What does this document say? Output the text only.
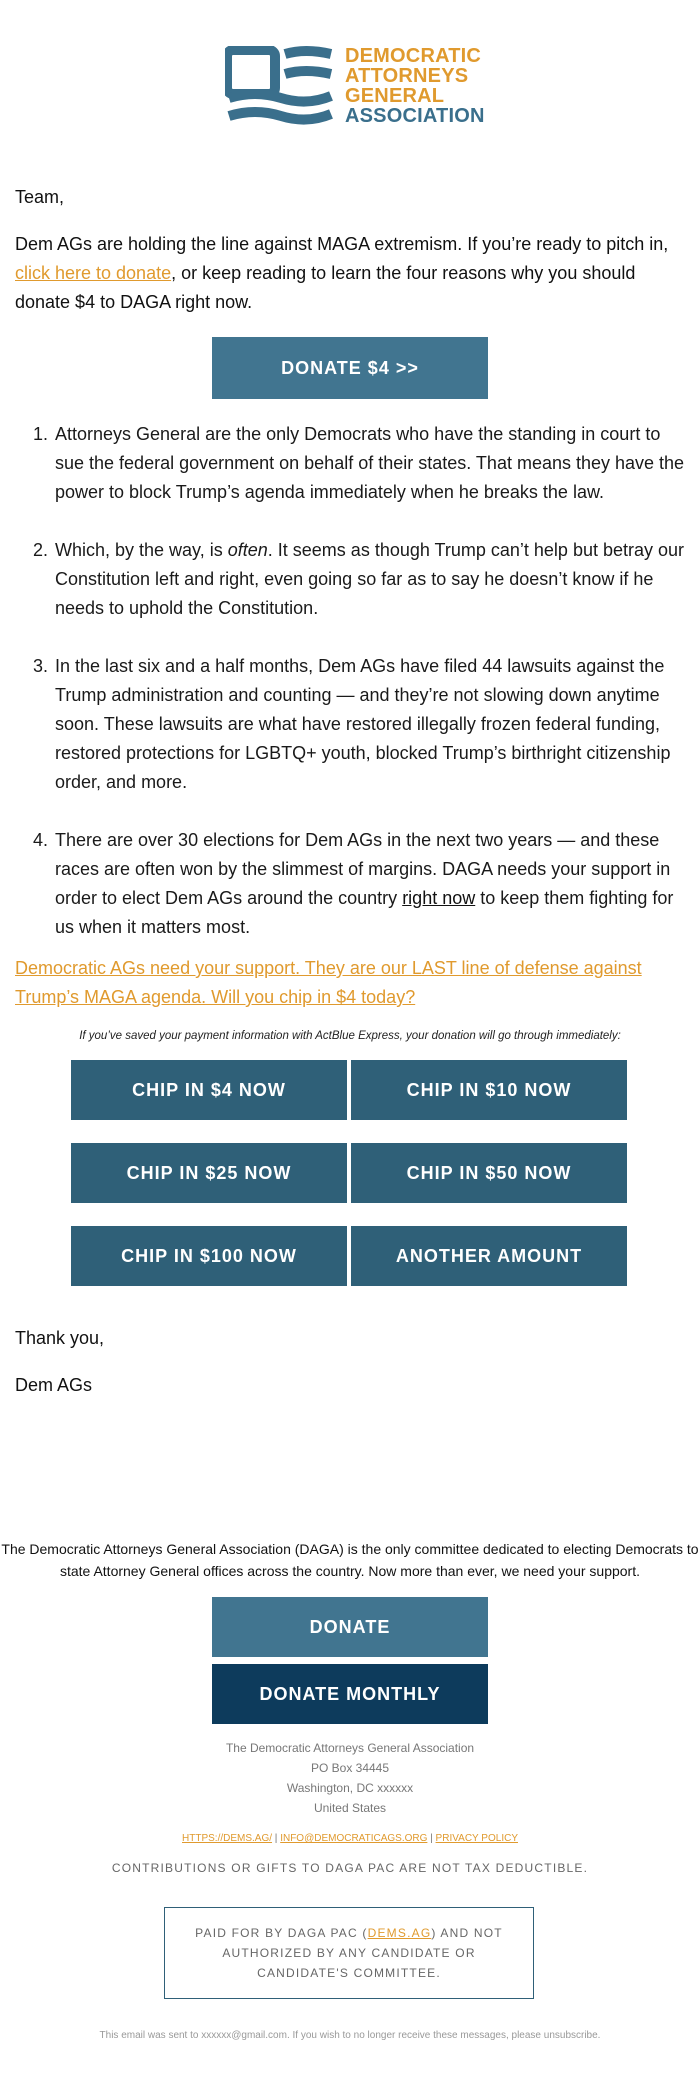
DEMOCRATIC
ATTORNEYS
GENERAL
ASSOCIATION
Team,
Dem AGs are holding the line against MAGA extremism. If you’re ready to pitch in, click here to donate, or keep reading to learn the four reasons why you should donate $4 to DAGA right now.
DONATE $4 >>
1. Attorneys General are the only Democrats who have the standing in court to sue the federal government on behalf of their states. That means they have the power to block Trump’s agenda immediately when he breaks the law.
2. Which, by the way, is often. It seems as though Trump can’t help but betray our Constitution left and right, even going so far as to say he doesn’t know if he needs to uphold the Constitution.
3. In the last six and a half months, Dem AGs have filed 44 lawsuits against the Trump administration and counting — and they’re not slowing down anytime soon. These lawsuits are what have restored illegally frozen federal funding, restored protections for LGBTQ+ youth, blocked Trump’s birthright citizenship order, and more.
4. There are over 30 elections for Dem AGs in the next two years — and these races are often won by the slimmest of margins. DAGA needs your support in order to elect Dem AGs around the country right now to keep them fighting for us when it matters most.
Democratic AGs need your support. They are our LAST line of defense against Trump’s MAGA agenda. Will you chip in $4 today?
If you’ve saved your payment information with ActBlue Express, your donation will go through immediately:
CHIP IN $4 NOW	CHIP IN $10 NOW
CHIP IN $25 NOW	CHIP IN $50 NOW
CHIP IN $100 NOW	ANOTHER AMOUNT
Thank you,
Dem AGs
The Democratic Attorneys General Association (DAGA) is the only committee dedicated to electing Democrats to state Attorney General offices across the country. Now more than ever, we need your support.
DONATE
DONATE MONTHLY
The Democratic Attorneys General Association
PO Box 34445
Washington, DC xxxxxx
United States
HTTPS://DEMS.AG/ | INFO@DEMOCRATICAGS.ORG | PRIVACY POLICY
CONTRIBUTIONS OR GIFTS TO DAGA PAC ARE NOT TAX DEDUCTIBLE.
PAID FOR BY DAGA PAC (DEMS.AG) AND NOT AUTHORIZED BY ANY CANDIDATE OR CANDIDATE'S COMMITTEE.
This email was sent to xxxxxx@gmail.com. If you wish to no longer receive these messages, please unsubscribe.
